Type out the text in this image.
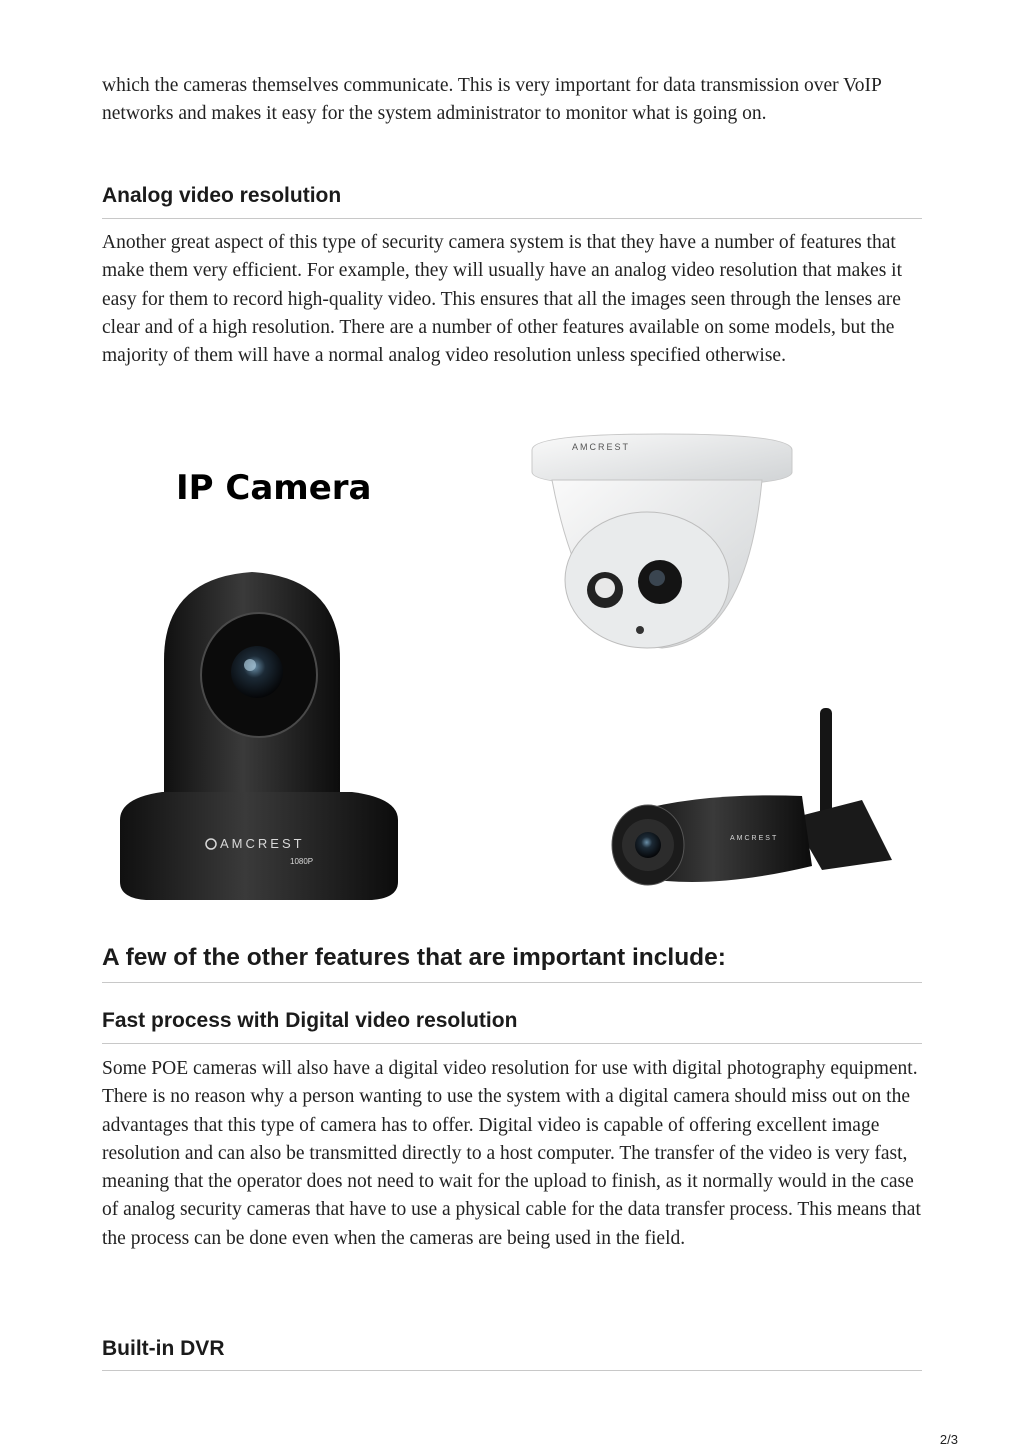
which the cameras themselves communicate. This is very important for data transmission over VoIP networks and makes it easy for the system administrator to monitor what is going on.

Analog video resolution

Another great aspect of this type of security camera system is that they have a number of features that make them very efficient. For example, they will usually have an analog video resolution that makes it easy for them to record high-quality video. This ensures that all the images seen through the lenses are clear and of a high resolution. There are a number of other features available on some models, but the majority of them will have a normal analog video resolution unless specified otherwise.

AMCREST
1080P
AMCREST
AMCREST
IP Camera
A few of the other features that are important include:
Fast process with Digital video resolution

Some POE cameras will also have a digital video resolution for use with digital photography equipment. There is no reason why a person wanting to use the system with a digital camera should miss out on the advantages that this type of camera has to offer. Digital video is capable of offering excellent image resolution and can also be transmitted directly to a host computer. The transfer of the video is very fast, meaning that the operator does not need to wait for the upload to finish, as it normally would in the case of analog security cameras that have to use a physical cable for the data transfer process. This means that the process can be done even when the cameras are being used in the field.

Built-in DVR
2/3
